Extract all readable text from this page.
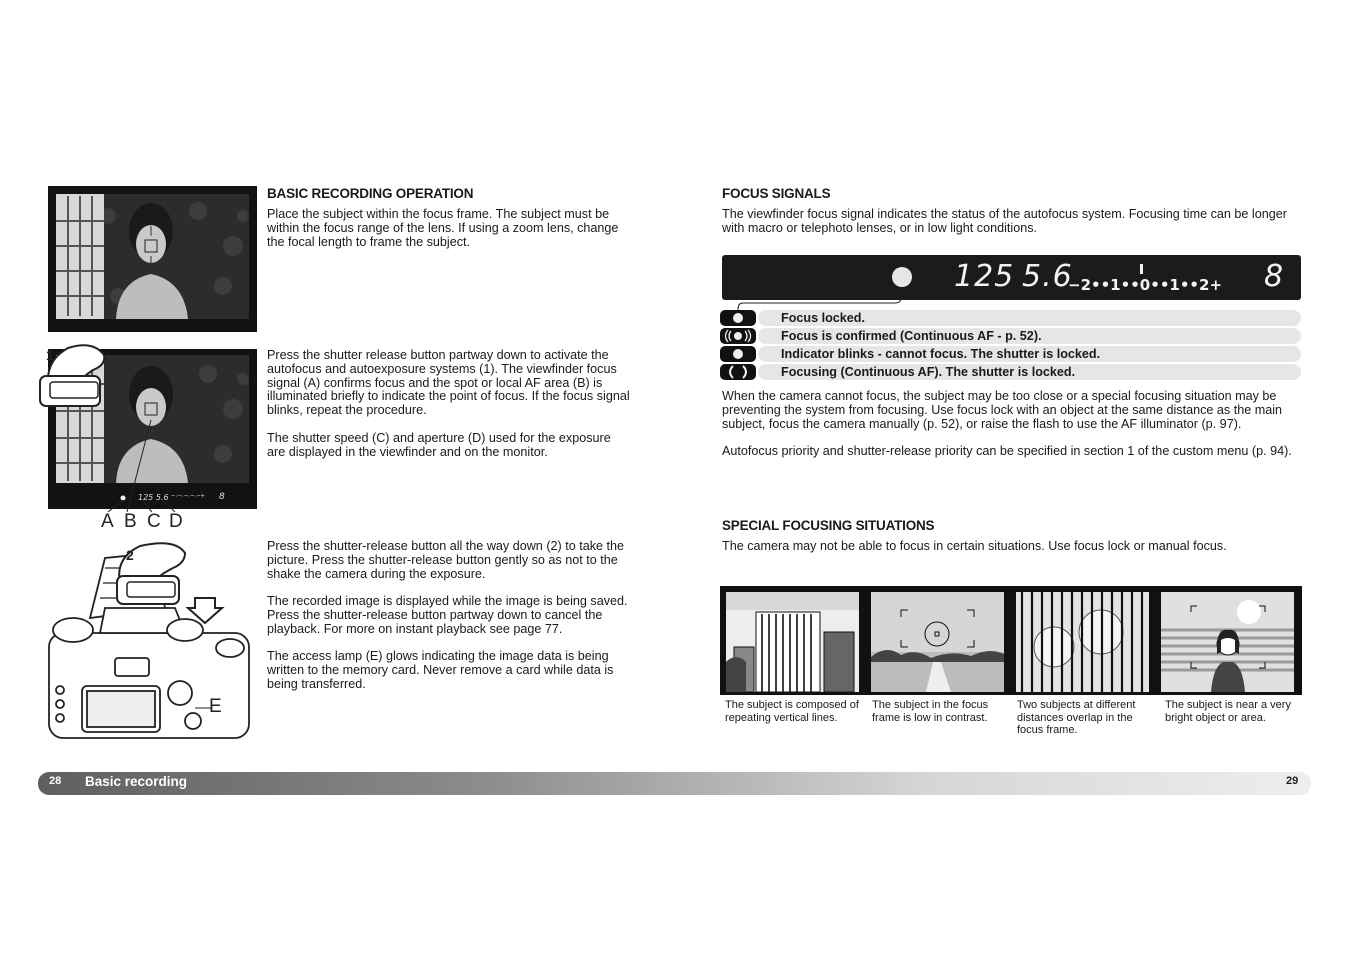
125 5.6 −·−·−·−·−+ 8
1
A B C D
2
E
BASIC RECORDING OPERATION

Place the subject within the focus frame. The subject must be within the focus range of the lens. If using a zoom lens, change the focal length to frame the subject.

Press the shutter release button partway down to activate the autofocus and autoexposure systems (1). The viewfinder focus signal (A) confirms focus and the spot or local AF area (B) is illuminated briefly to indicate the point of focus. If the focus signal blinks, repeat the procedure.

The shutter speed (C) and aperture (D) used for the exposure are displayed in the viewfinder and on the monitor.

Press the shutter-release button all the way down (2) to take the picture. Press the shutter-release button gently so as not to the shake the camera during the exposure.

The recorded image is displayed while the image is being saved. Press the shutter-release button partway down to cancel the playback. For more on instant playback see page 77.

The access lamp (E) glows indicating the image data is being written to the memory card. Never remove a card while data is being transferred.

FOCUS SIGNALS
The viewfinder focus signal indicates the status of the autofocus system. Focusing time can be longer with macro or telephoto lenses, or in low light conditions.
125 5.6
−2••1••0••1••2+ 8
Focus locked.
Focus is confirmed (Continuous AF - p. 52).
Indicator blinks - cannot focus. The shutter is locked.
Focusing (Continuous AF). The shutter is locked.

When the camera cannot focus, the subject may be too close or a special focusing situation may be preventing the system from focusing. Use focus lock with an object at the same distance as the main subject, focus the camera manually (p. 52), or raise the flash to use the AF illuminator (p. 97).

Autofocus priority and shutter-release priority can be specified in section 1 of the custom menu (p. 94).

SPECIAL FOCUSING SITUATIONS
The camera may not be able to focus in certain situations. Use focus lock or manual focus.
The subject is composed of repeating vertical lines.
The subject in the focus frame is low in contrast.
Two subjects at different distances overlap in the focus frame.
The subject is near a very bright object or area.
28 Basic recording	29
